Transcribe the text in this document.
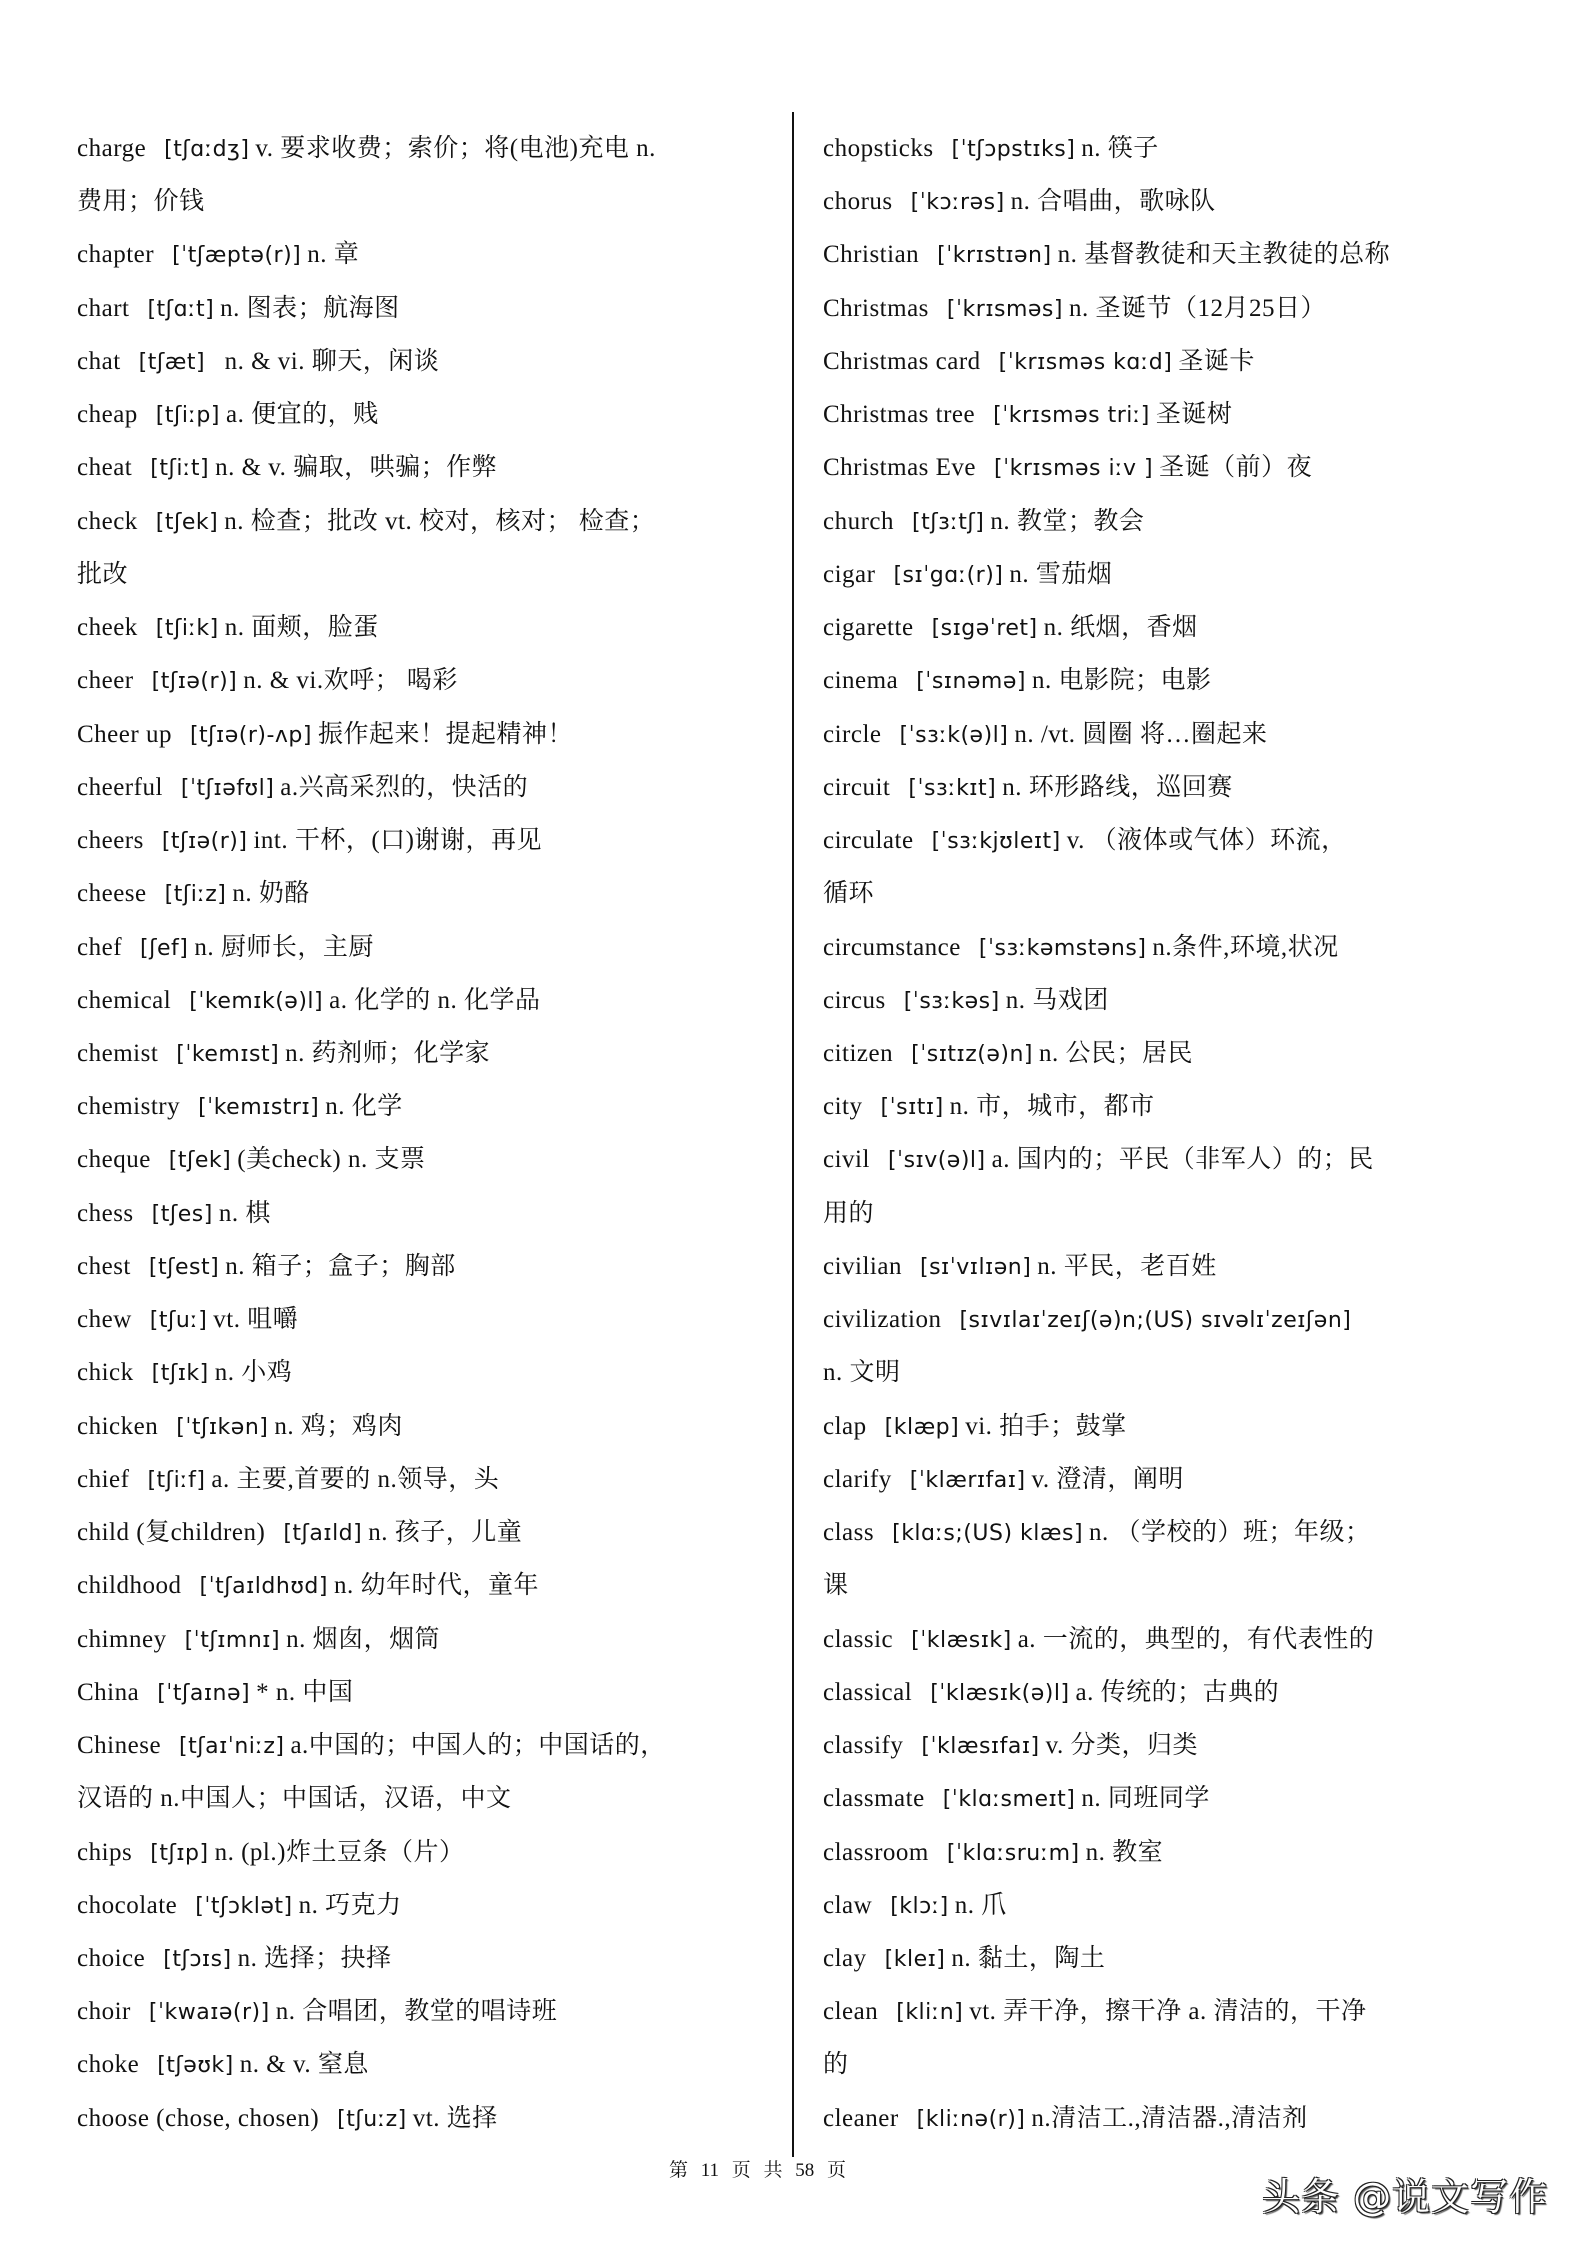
charge [tʃɑːdʒ] v. 要求收费；索价；将(电池)充电 n.
费用；价钱
chapter [ˈtʃæptə(r)] n. 章
chart [tʃɑːt] n. 图表；航海图
chat [tʃæt]  n. & vi. 聊天，闲谈
cheap [tʃiːp] a. 便宜的，贱
cheat [tʃiːt] n. & v. 骗取，哄骗；作弊
check [tʃek] n. 检查；批改 vt. 校对，核对； 检查；
批改
cheek [tʃiːk] n. 面颊，脸蛋
cheer [tʃɪə(r)] n. & vi.欢呼； 喝彩
Cheer up [tʃɪə(r)-ʌp] 振作起来！提起精神！
cheerful [ˈtʃɪəfʊl] a.兴高采烈的，快活的
cheers [tʃɪə(r)] int. 干杯，(口)谢谢，再见
cheese [tʃiːz] n. 奶酪
chef [ʃef] n. 厨师长，主厨
chemical [ˈkemɪk(ə)l] a. 化学的 n. 化学品
chemist [ˈkemɪst] n. 药剂师；化学家
chemistry [ˈkemɪstrɪ] n. 化学
cheque [tʃek] (美check) n. 支票
chess [tʃes] n. 棋
chest [tʃest] n. 箱子；盒子；胸部
chew [tʃuː] vt. 咀嚼
chick [tʃɪk] n. 小鸡
chicken [ˈtʃɪkən] n. 鸡；鸡肉
chief [tʃiːf] a. 主要,首要的 n.领导，头
child (复children) [tʃaɪld] n. 孩子，儿童
childhood [ˈtʃaɪldhʊd] n. 幼年时代，童年
chimney [ˈtʃɪmnɪ] n. 烟囱，烟筒
China [ˈtʃaɪnə] * n. 中国
Chinese [tʃaɪˈniːz] a.中国的；中国人的；中国话的，
汉语的 n.中国人；中国话，汉语，中文
chips [tʃɪp] n. (pl.)炸土豆条（片）
chocolate [ˈtʃɔklət] n. 巧克力
choice [tʃɔɪs] n. 选择；抉择
choir [ˈkwaɪə(r)] n. 合唱团，教堂的唱诗班
choke [tʃəʊk] n. & v. 窒息
choose (chose, chosen) [tʃuːz] vt. 选择
chopsticks [ˈtʃɔpstɪks] n. 筷子
chorus [ˈkɔːrəs] n. 合唱曲，歌咏队
Christian [ˈkrɪstɪən] n. 基督教徒和天主教徒的总称
Christmas [ˈkrɪsməs] n. 圣诞节（12月25日）
Christmas card [ˈkrɪsməs kɑːd] 圣诞卡
Christmas tree [ˈkrɪsməs triː] 圣诞树
Christmas Eve [ˈkrɪsməs iːv ] 圣诞（前）夜
church [tʃɜːtʃ] n. 教堂；教会
cigar [sɪˈgɑː(r)] n. 雪茄烟
cigarette [sɪgəˈret] n. 纸烟，香烟
cinema [ˈsɪnəmə] n. 电影院；电影
circle [ˈsɜːk(ə)l] n. /vt. 圆圈 将…圈起来
circuit [ˈsɜːkɪt] n. 环形路线，巡回赛
circulate [ˈsɜːkjʊleɪt] v. （液体或气体）环流，
循环
circumstance [ˈsɜːkəmstəns] n.条件,环境,状况
circus [ˈsɜːkəs] n. 马戏团
citizen [ˈsɪtɪz(ə)n] n. 公民；居民
city [ˈsɪtɪ] n. 市，城市，都市
civil [ˈsɪv(ə)l] a. 国内的；平民（非军人）的；民
用的
civilian [sɪˈvɪlɪən] n. 平民，老百姓
civilization [sɪvɪlaɪˈzeɪʃ(ə)n;(US) sɪvəlɪˈzeɪʃən]
n. 文明
clap [klæp] vi. 拍手；鼓掌
clarify [ˈklærɪfaɪ] v. 澄清，阐明
class [klɑːs;(US) klæs] n. （学校的）班；年级；
课
classic [ˈklæsɪk] a. 一流的，典型的，有代表性的
classical [ˈklæsɪk(ə)l] a. 传统的；古典的
classify [ˈklæsɪfaɪ] v. 分类，归类
classmate [ˈklɑːsmeɪt] n. 同班同学
classroom [ˈklɑːsruːm] n. 教室
claw [klɔː] n. 爪
clay [kleɪ] n. 黏土，陶土
clean [kliːn] vt. 弄干净，擦干净 a. 清洁的，干净
的
cleaner [kliːnə(r)] n.清洁工.,清洁器.,清洁剂
第 11 页 共 58 页
头条 @说文写作
